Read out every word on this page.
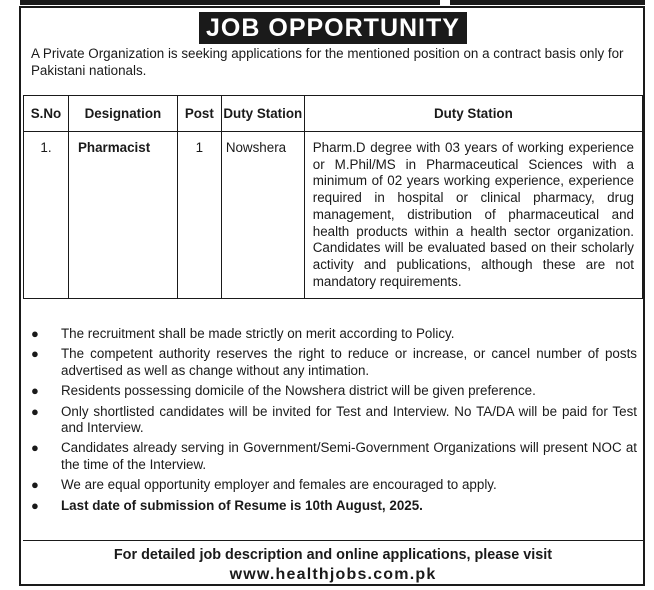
JOB OPPORTUNITY

A Private Organization is seeking applications for the mentioned position on a contract basis only for Pakistani nationals.

S.No	Designation	Post	Duty Station	Duty Station
1.	Pharmacist	1	Nowshera	Pharm.D degree with 03 years of working experience or M.Phil/MS in Pharmaceutical Sciences with a minimum of 02 years working experience, experience required in hospital or clinical pharmacy, drug management, distribution of pharmaceutical and health products within a health sector organization. Candidates will be evaluated based on their scholarly activity and publications, although these are not mandatory requirements.
● The recruitment shall be made strictly on merit according to Policy.
● The competent authority reserves the right to reduce or increase, or cancel number of posts advertised as well as change without any intimation.
● Residents possessing domicile of the Nowshera district will be given preference.
● Only shortlisted candidates will be invited for Test and Interview. No TA/DA will be paid for Test and Interview.
● Candidates already serving in Government/Semi-Government Organizations will present NOC at the time of the Interview.
● We are equal opportunity employer and females are encouraged to apply.
● Last date of submission of Resume is 10th August, 2025.
For detailed job description and online applications, please visit
www.healthjobs.com.pk
